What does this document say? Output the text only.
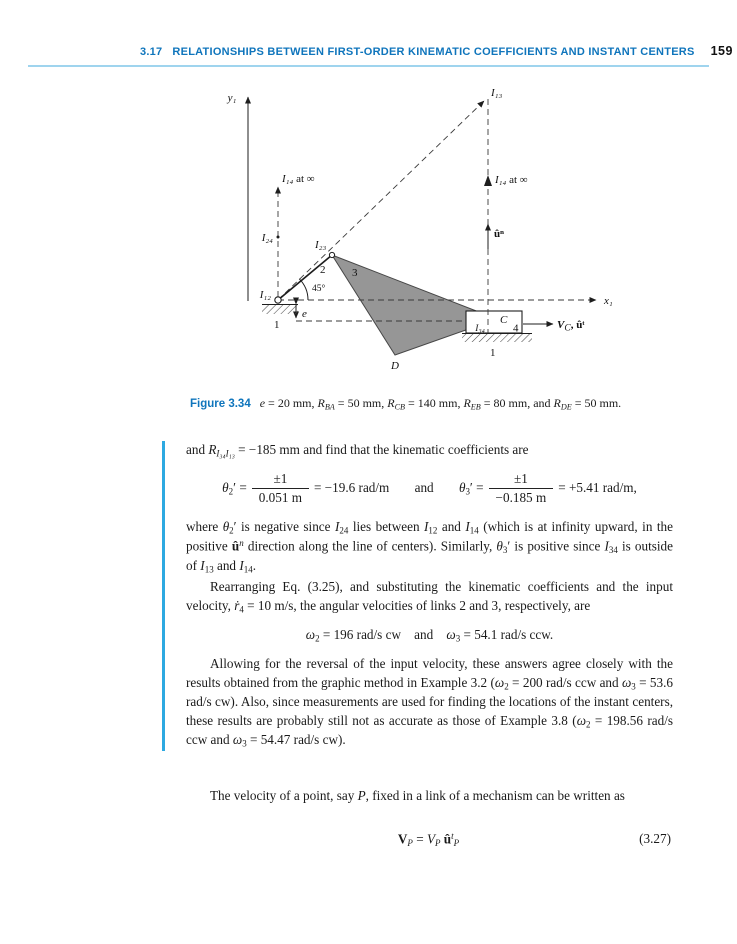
3.17 RELATIONSHIPS BETWEEN FIRST-ORDER KINEMATIC COEFFICIENTS AND INSTANT CENTERS 159
y₁
x₁
I₁₃
I₁₄ at ∞	I₁₄ at ∞
I₂₄
I₂₃
I₁₂
2
45°
3
e
1	C
I₃₄	4
1
D
ûⁿ
VC, ûᵗ
Figure 3.34 e = 20 mm, RBA = 50 mm, RCB = 140 mm, REB = 80 mm, and RDE = 50 mm.

and RI₃₄I₁₃ = −185 mm and find that the kinematic coefficients are

$\theta_2' = \frac{\pm 1}{0.051 m} = -19.6$ rad/m and $\theta_3' = \frac{\pm 1}{-0.185 m} = +5.41$ rad/m,

where $\theta_2'$ is negative since $I_{24}$ lies between $I_{12}$ and $I_{14}$ (which is at infinity upward, in the positive $û^n$ direction along the line of centers). Similarly, $\theta_3'$ is positive since $I_{34}$ is outside of $I_{13}$ and $I_{14}$.

Rearranging Eq. (3.25), and substituting the kinematic coefficients and the input velocity, ṙ$_4$ = 10 m/s, the angular velocities of links 2 and 3, respectively, are

$\omega_2 = 196$ rad/s cw    and    $\omega_3 = 54.1$ rad/s ccw.

Allowing for the reversal of the input velocity, these answers agree closely with the results obtained from the graphic method in Example 3.2 ($\omega_2 = 200$ rad/s ccw and $\omega_3 = 53.6$ rad/s cw). Also, since measurements are used for finding the locations of the instant centers, these results are probably still not as accurate as those of Example 3.8 ($\omega_2 = 198.56$ rad/s ccw and $\omega_3 = 54.47$ rad/s cw).

The velocity of a point, say P, fixed in a link of a mechanism can be written as

VP = VP $û^tP$	(3.27)
